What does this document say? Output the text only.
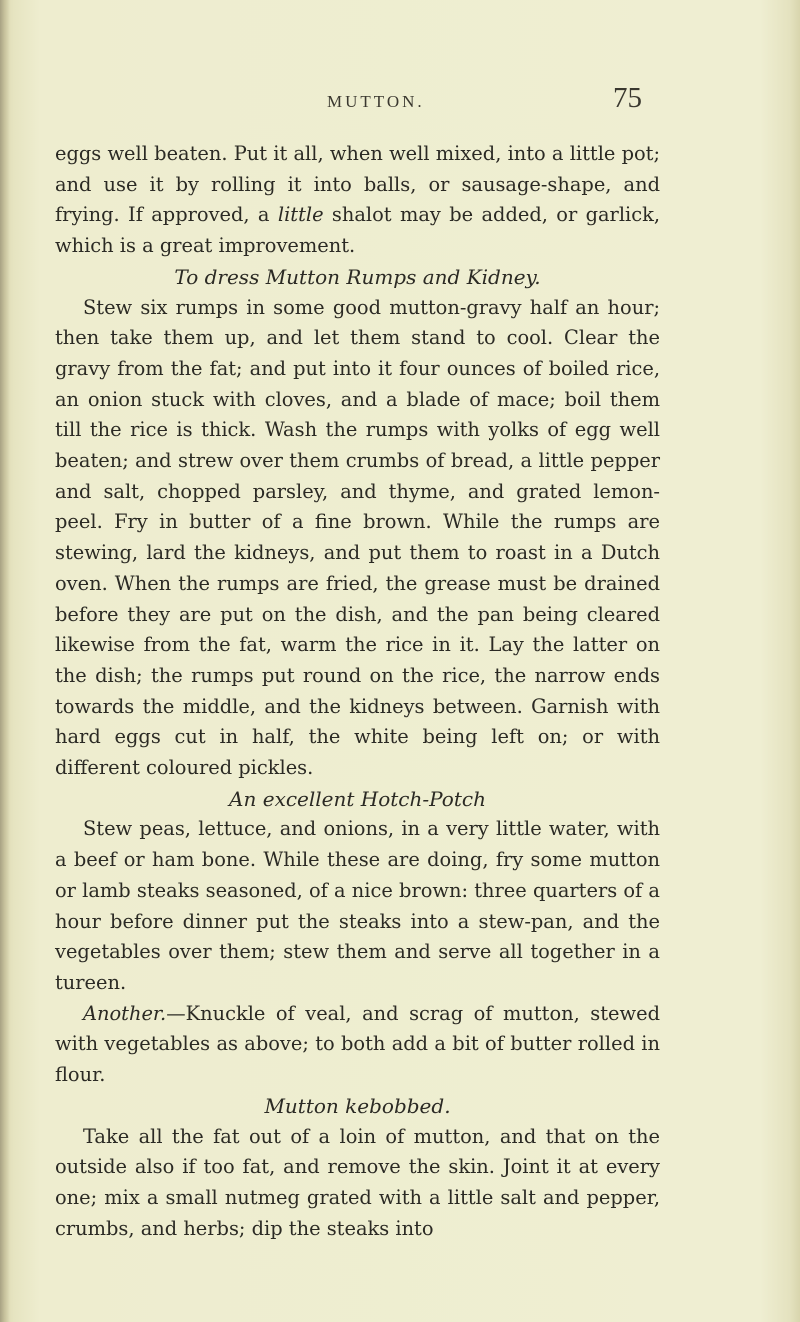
MUTTON.	75

eggs well beaten. Put it all, when well mixed, into a little pot; and use it by rolling it into balls, or sausage-shape, and frying. If approved, a little shalot may be added, or garlick, which is a great improvement.

To dress Mutton Rumps and Kidney.

Stew six rumps in some good mutton-gravy half an hour; then take them up, and let them stand to cool. Clear the gravy from the fat; and put into it four ounces of boiled rice, an onion stuck with cloves, and a blade of mace; boil them till the rice is thick. Wash the rumps with yolks of egg well beaten; and strew over them crumbs of bread, a little pepper and salt, chopped parsley, and thyme, and grated lemon-peel. Fry in butter of a fine brown. While the rumps are stewing, lard the kidneys, and put them to roast in a Dutch oven. When the rumps are fried, the grease must be drained before they are put on the dish, and the pan being cleared likewise from the fat, warm the rice in it. Lay the latter on the dish; the rumps put round on the rice, the narrow ends towards the middle, and the kidneys between. Garnish with hard eggs cut in half, the white being left on; or with different coloured pickles.

An excellent Hotch-Potch

Stew peas, lettuce, and onions, in a very little water, with a beef or ham bone. While these are doing, fry some mutton or lamb steaks seasoned, of a nice brown: three quarters of a hour before dinner put the steaks into a stew-pan, and the vegetables over them; stew them and serve all together in a tureen.

Another.—Knuckle of veal, and scrag of mutton, stewed with vegetables as above; to both add a bit of butter rolled in flour.

Mutton kebobbed.

Take all the fat out of a loin of mutton, and that on the outside also if too fat, and remove the skin. Joint it at every one; mix a small nutmeg grated with a little salt and pepper, crumbs, and herbs; dip the steaks into
